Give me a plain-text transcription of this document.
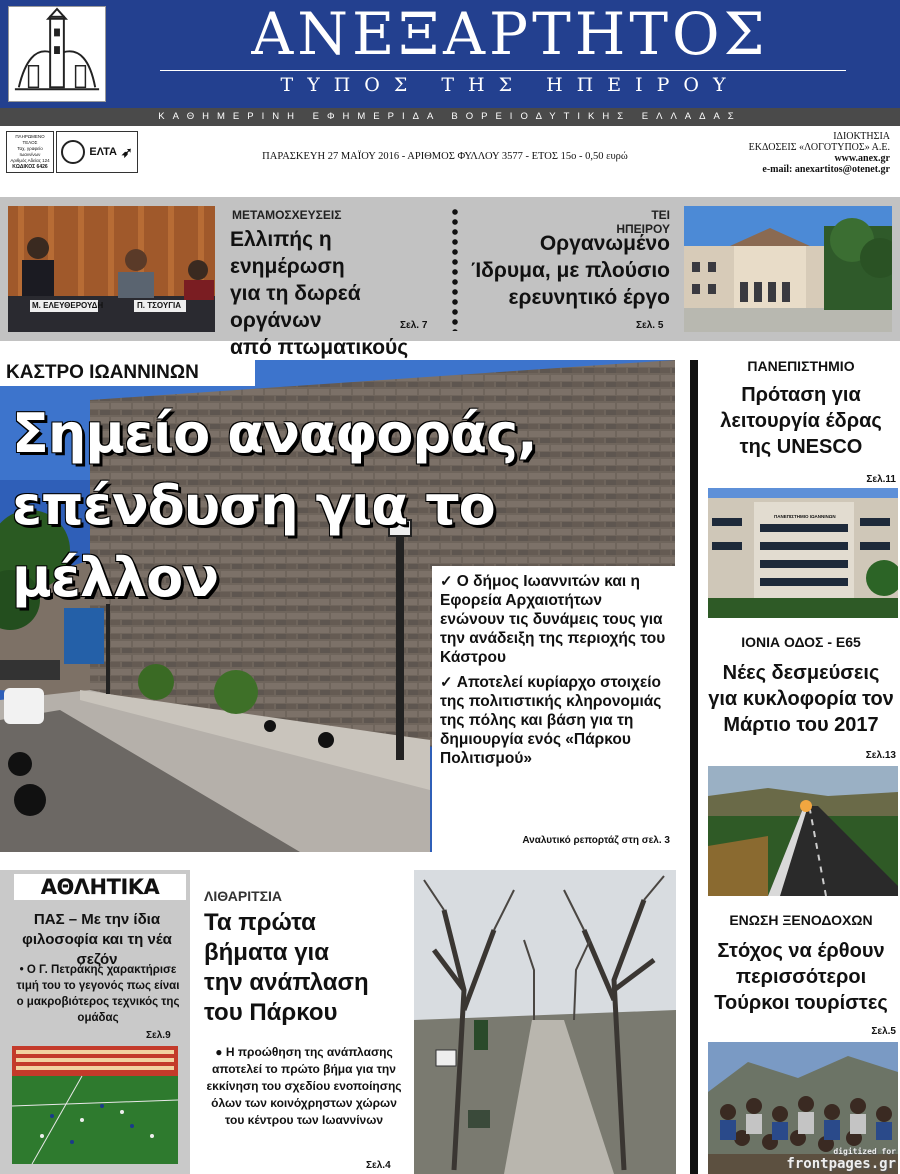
ΑΝΕΞΑΡΤΗΤΟΣ
ΤΥΠΟΣ ΤΗΣ ΗΠΕΙΡΟΥ
ΚΑΘΗΜΕΡΙΝΗ ΕΦΗΜΕΡΙΔΑ ΒΟΡΕΙΟΔΥΤΙΚΗΣ ΕΛΛΑΔΑΣ
ΠΛΗΡΩΜΕΝΟ ΤΕΛΟΣ
Ταχ. γραφείο
Ιωαννίνων
Αριθμός Αδείας 124
ΚΩΔΙΚΟΣ 6426
ΕΛΤΑ ➶	ΠΑΡΑΣΚΕΥΗ 27 ΜΑΪΟΥ 2016 - ΑΡΙΘΜΟΣ ΦΥΛΛΟΥ 3577 - ΕΤΟΣ 15ο - 0,50 ευρώ
ΙΔΙΟΚΤΗΣΙΑ
ΕΚΔΟΣΕΙΣ «ΛΟΓΟΤΥΠΟΣ» Α.Ε.
www.anex.gr
e-mail: anexartitos@otenet.gr
Μ. ΕΛΕΥΘΕΡΟΥΔΗ	Π. ΤΣΟΥΓΙΑ
ΜΕΤΑΜΟΣΧΕΥΣΕΙΣ
Ελλιπής η ενημέρωση
για τη δωρεά οργάνων
από πτωματικούς
Σελ. 7
ΤΕΙ ΗΠΕΙΡΟΥ
Οργανωμένο
Ίδρυμα, με πλούσιο
ερευνητικό έργο
Σελ. 5
ΚΑΣΤΡΟ ΙΩΑΝΝΙΝΩΝ
Σημείο αναφοράς,
επένδυση για το μέλλον	✓ Ο δήμος Ιωαννιτών και η Εφορεία Αρχαιοτήτων ενώνουν τις δυνάμεις τους για την ανάδειξη της περιοχής του Κάστρου
✓ Αποτελεί κυρίαρχο στοιχείο της πολιτιστικής κληρονομιάς της πόλης και βάση για τη δημιουργία ενός «Πάρκου Πολιτισμού»
Αναλυτικό ρεπορτάζ στη σελ. 3
ΠΑΝΕΠΙΣΤΗΜΙΟ
Πρόταση για
λειτουργία έδρας
της UNESCO
Σελ.11
ΠΑΝΕΠΙΣΤΗΜΙΟ ΙΩΑΝΝΙΝΩΝ
ΙΟΝΙΑ ΟΔΟΣ - Ε65
Νέες δεσμεύσεις
για κυκλοφορία τον
Μάρτιο του 2017
Σελ.13
ΕΝΩΣΗ ΞΕΝΟΔΟΧΩΝ
Στόχος να έρθουν
περισσότεροι
Τούρκοι τουρίστες
Σελ.5
ΑΘΛΗΤΙΚΑ
ΠΑΣ – Με την ίδια φιλοσοφία και τη νέα σεζόν
• Ο Γ. Πετράκης χαρακτήρισε τιμή του το γεγονός πως είναι ο μακροβιότερος τεχνικός της ομάδας
Σελ.9
ΛΙΘΑΡΙΤΣΙΑ
Τα πρώτα
βήματα για
την ανάπλαση
του Πάρκου
● Η προώθηση της ανάπλασης αποτελεί το πρώτο βήμα για την εκκίνηση του σχεδίου ενοποίησης όλων των κοινόχρηστων χώρων του κέντρου των Ιωαννίνων
Σελ.4
digitized for
frontpages.gr
